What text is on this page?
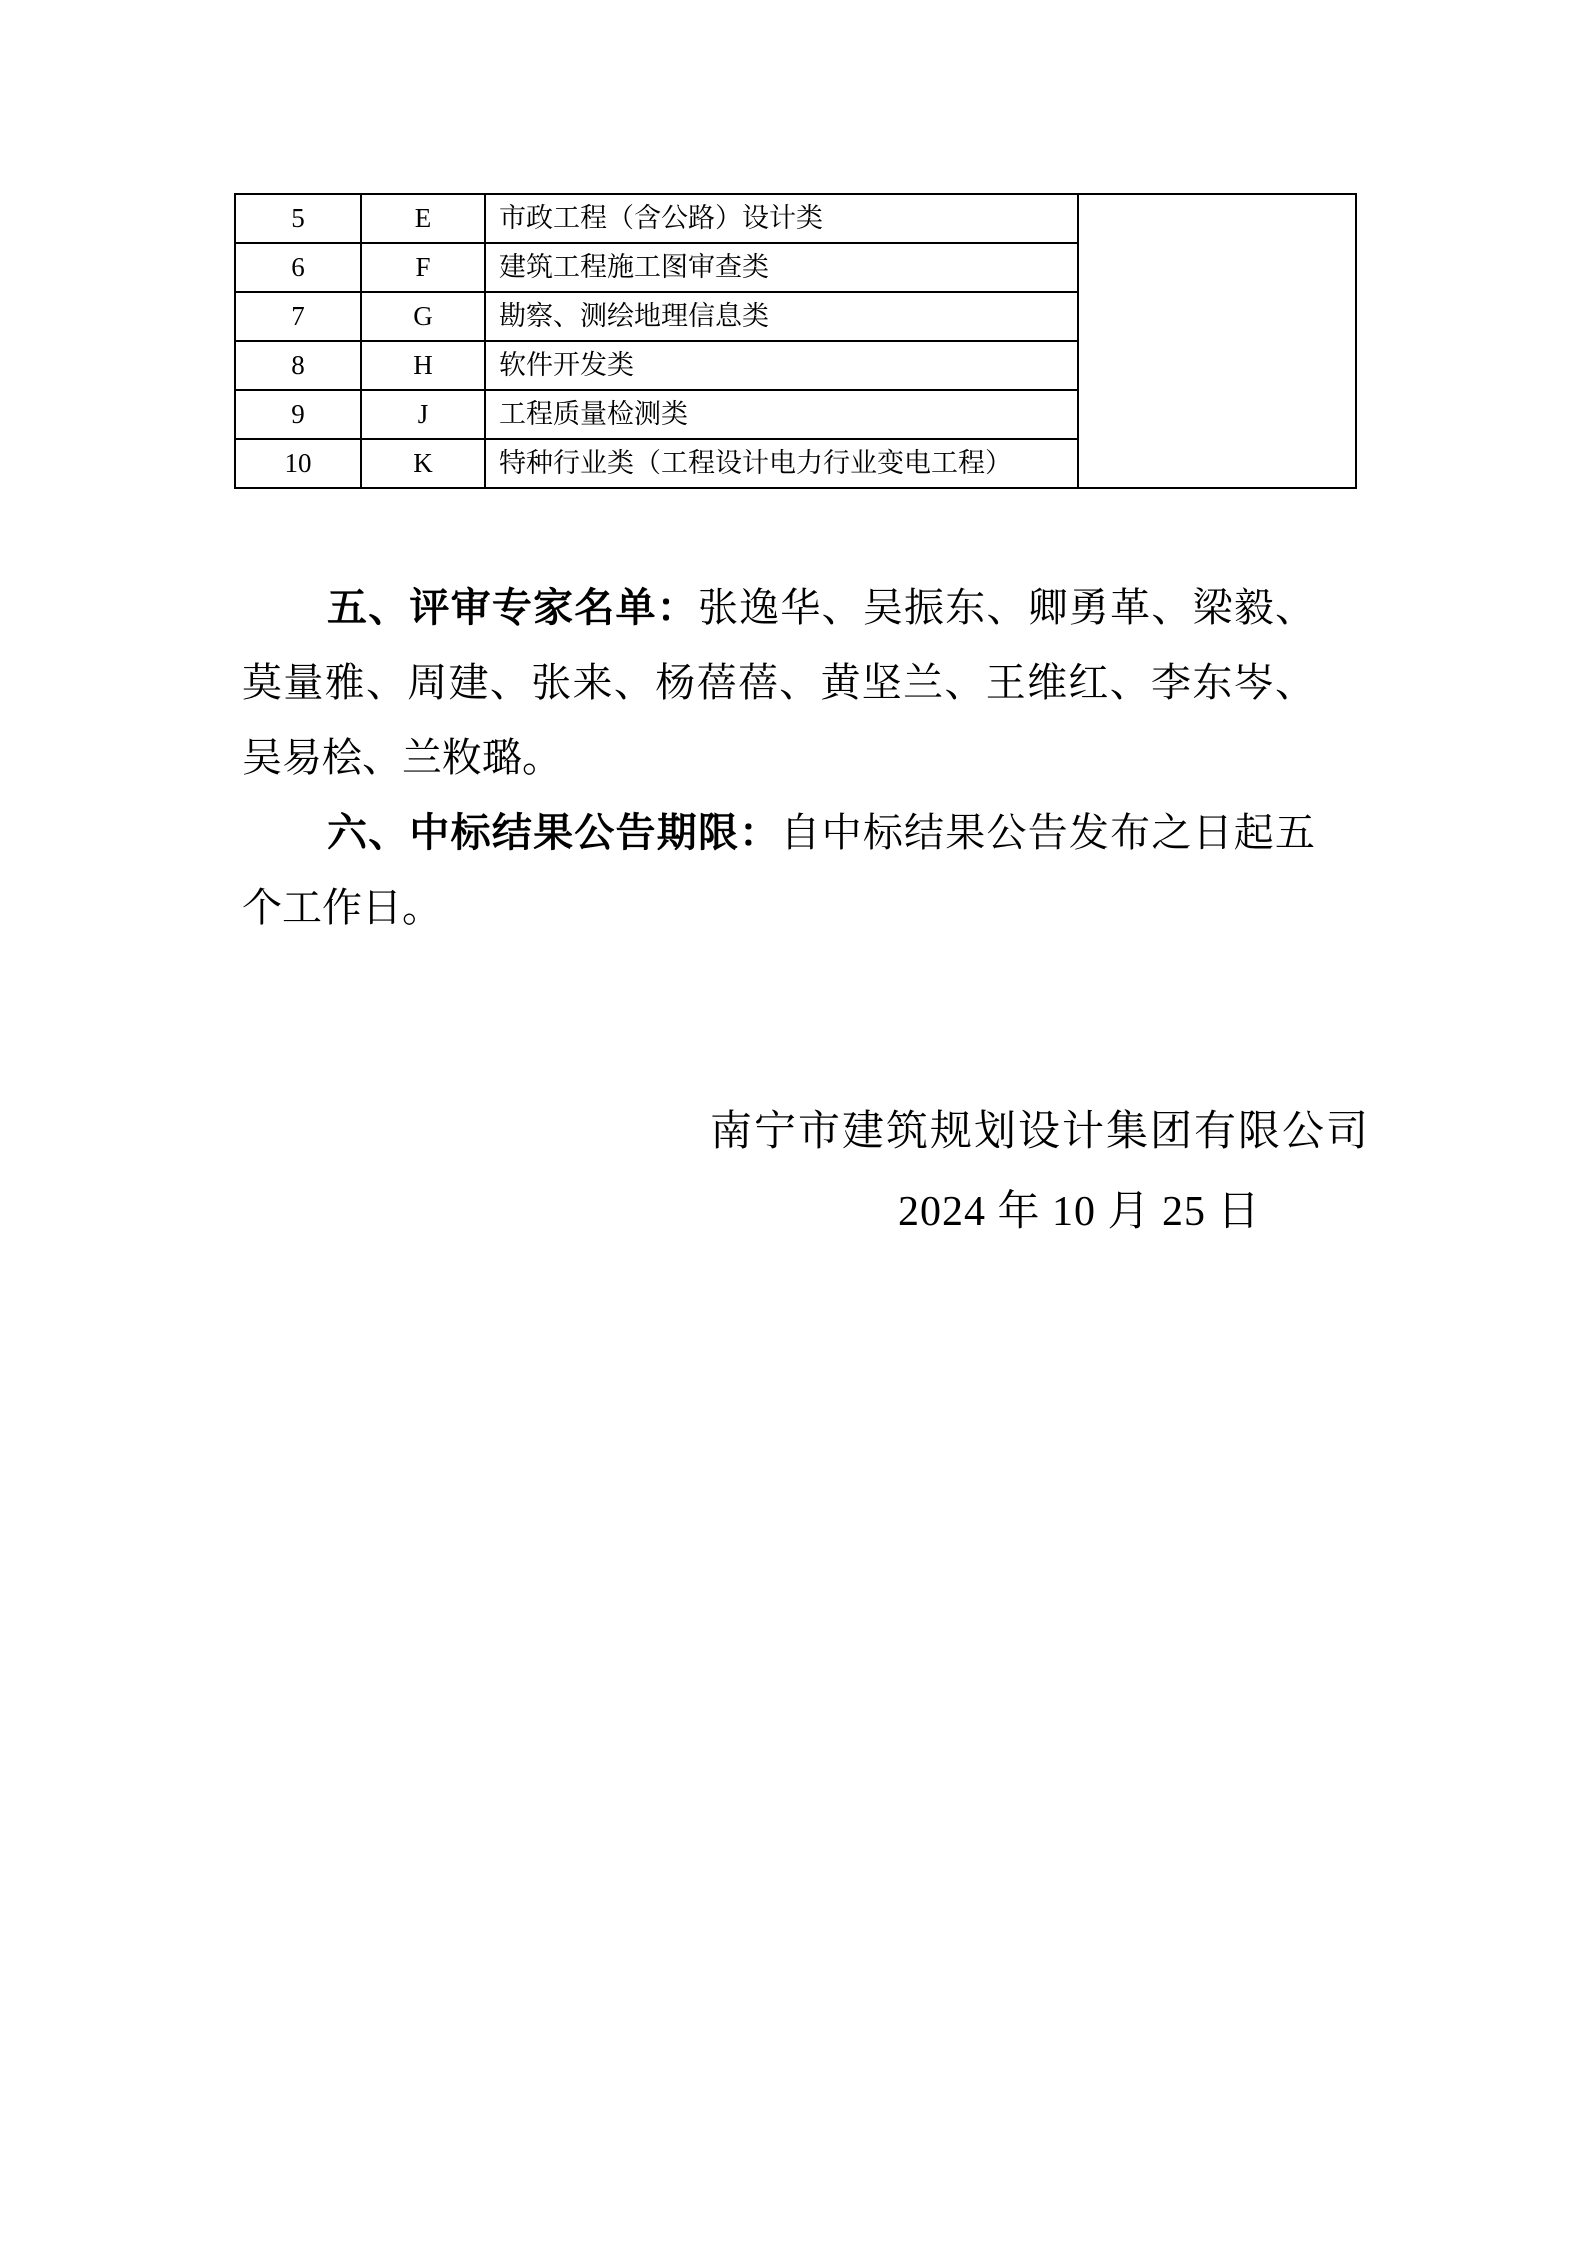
5	E	市政工程（含公路）设计类	
6	F	建筑工程施工图审查类	
7	G	勘察、测绘地理信息类	
8	H	软件开发类	
9	J	工程质量检测类	
10	K	特种行业类（工程设计电力行业变电工程）	
五、评审专家名单：张逸华、吴振东、卿勇革、梁毅、
莫量雅、周建、张来、杨蓓蓓、黄坚兰、王维红、李东岑、
吴易桧、兰敉璐。
六、中标结果公告期限：自中标结果公告发布之日起五
个工作日。
南宁市建筑规划设计集团有限公司
2024 年 10 月 25 日
